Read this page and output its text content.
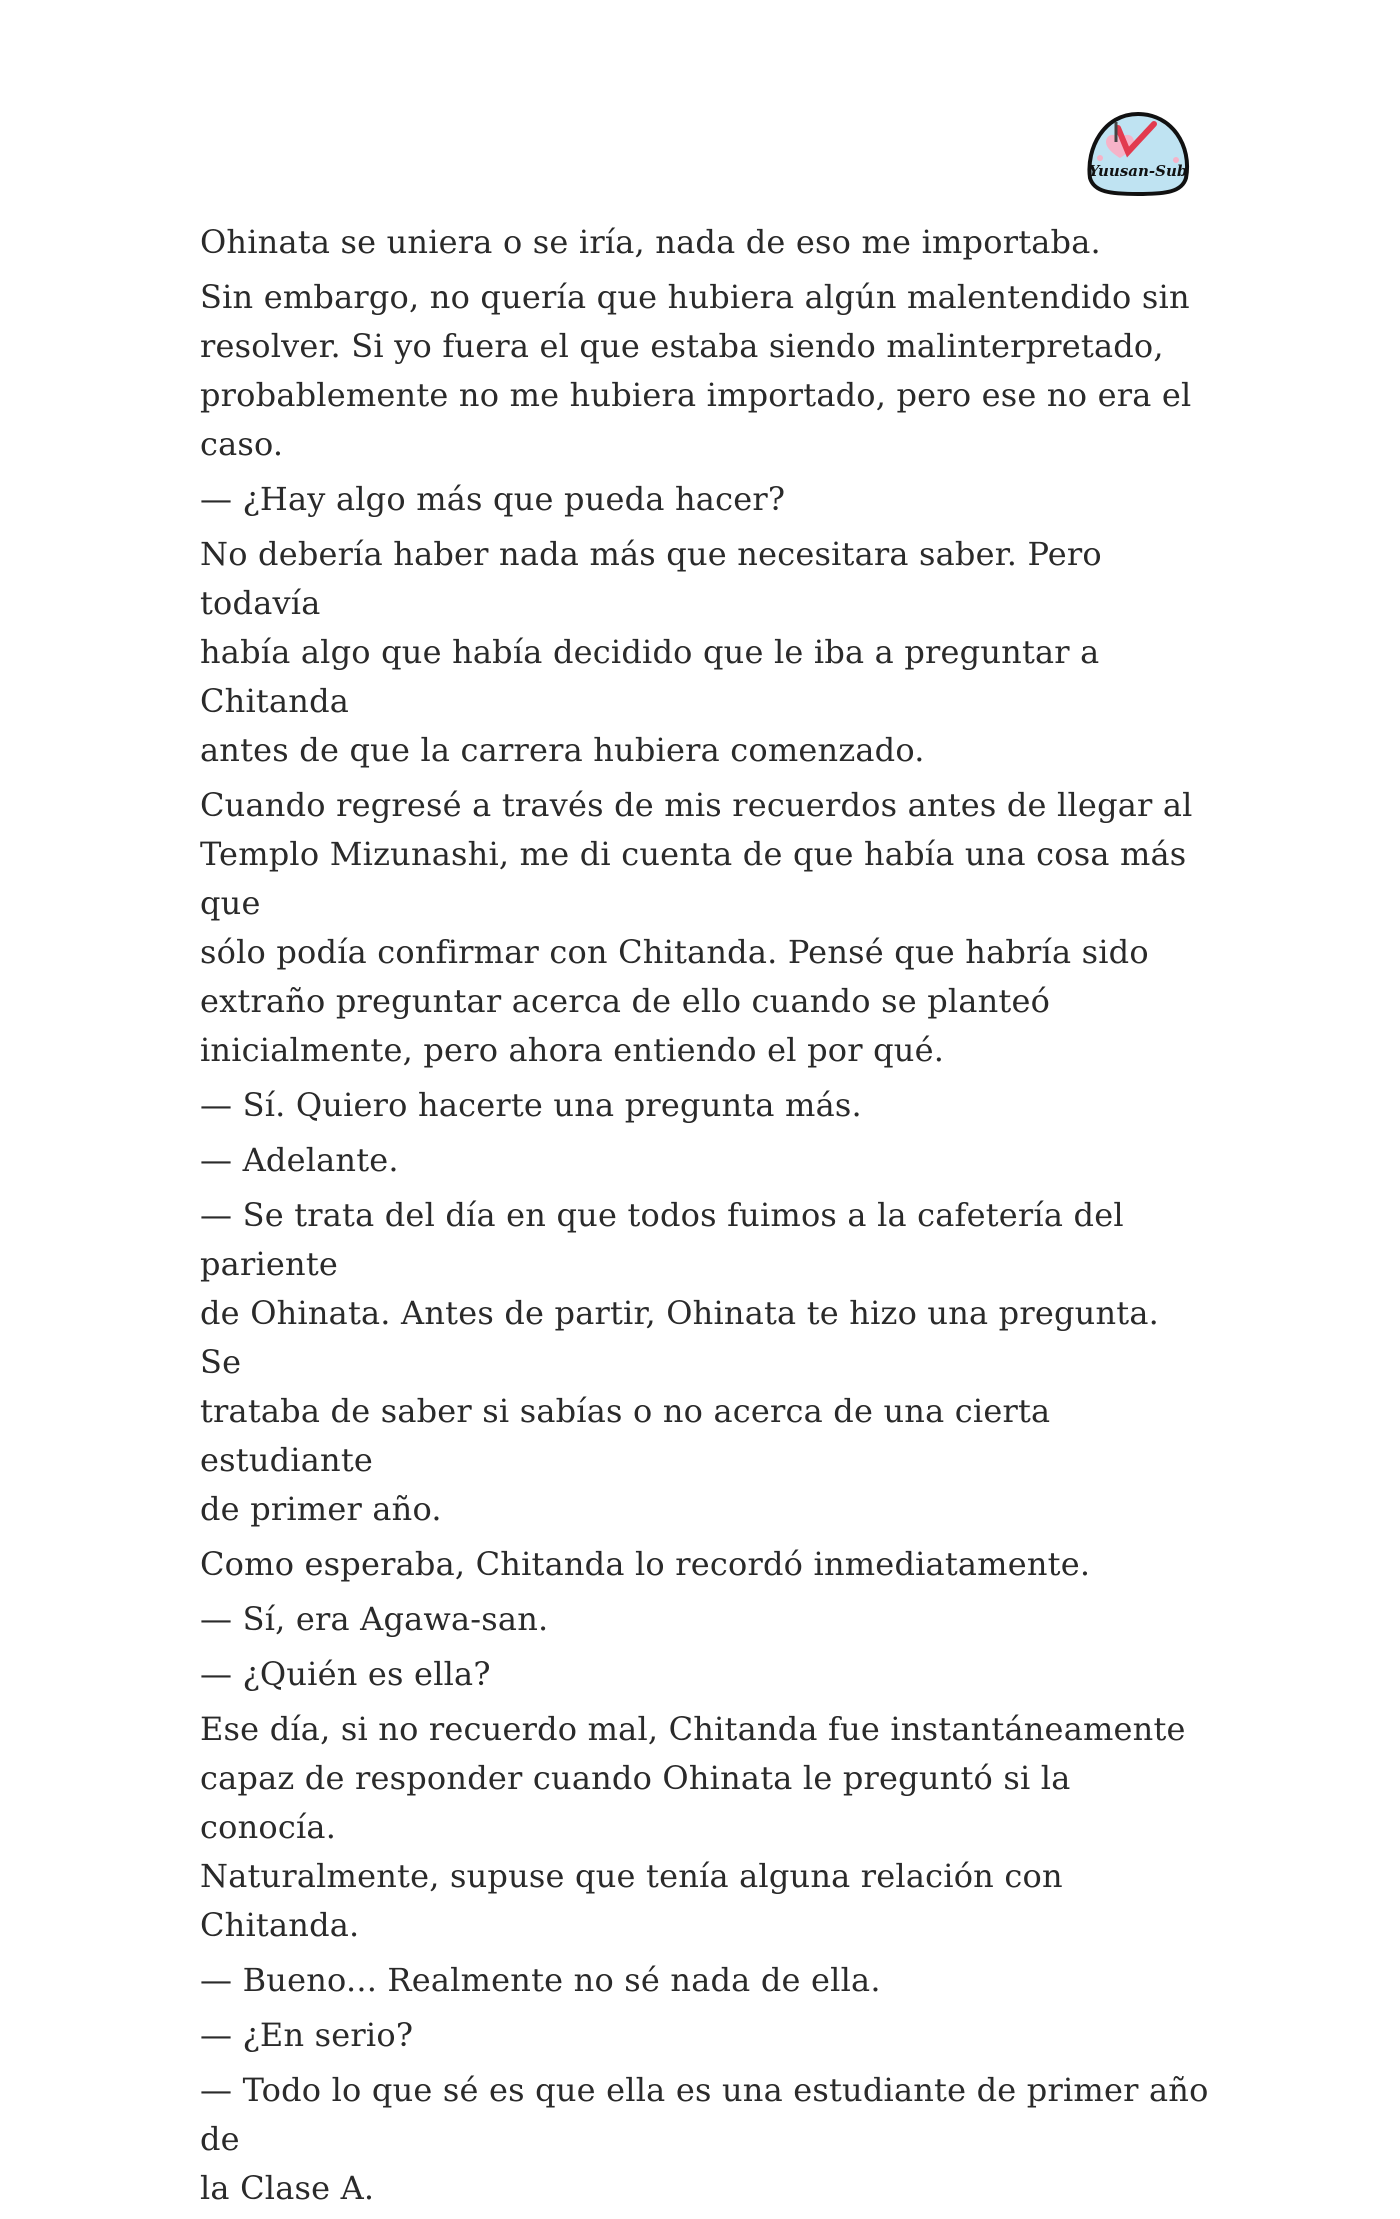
Yuusan-Sub

Ohinata se uniera o se iría, nada de eso me importaba.

Sin embargo, no quería que hubiera algún malentendido sin
resolver. Si yo fuera el que estaba siendo malinterpretado,
probablemente no me hubiera importado, pero ese no era el
caso.

— ¿Hay algo más que pueda hacer?

No debería haber nada más que necesitara saber. Pero todavía
había algo que había decidido que le iba a preguntar a Chitanda
antes de que la carrera hubiera comenzado.

Cuando regresé a través de mis recuerdos antes de llegar al
Templo Mizunashi, me di cuenta de que había una cosa más que
sólo podía confirmar con Chitanda. Pensé que habría sido
extraño preguntar acerca de ello cuando se planteó
inicialmente, pero ahora entiendo el por qué.

— Sí. Quiero hacerte una pregunta más.

— Adelante.

— Se trata del día en que todos fuimos a la cafetería del pariente
de Ohinata. Antes de partir, Ohinata te hizo una pregunta. Se
trataba de saber si sabías o no acerca de una cierta estudiante
de primer año.

Como esperaba, Chitanda lo recordó inmediatamente.

— Sí, era Agawa-san.

— ¿Quién es ella?

Ese día, si no recuerdo mal, Chitanda fue instantáneamente
capaz de responder cuando Ohinata le preguntó si la conocía.
Naturalmente, supuse que tenía alguna relación con Chitanda.

— Bueno... Realmente no sé nada de ella.

— ¿En serio?

— Todo lo que sé es que ella es una estudiante de primer año de
la Clase A.
